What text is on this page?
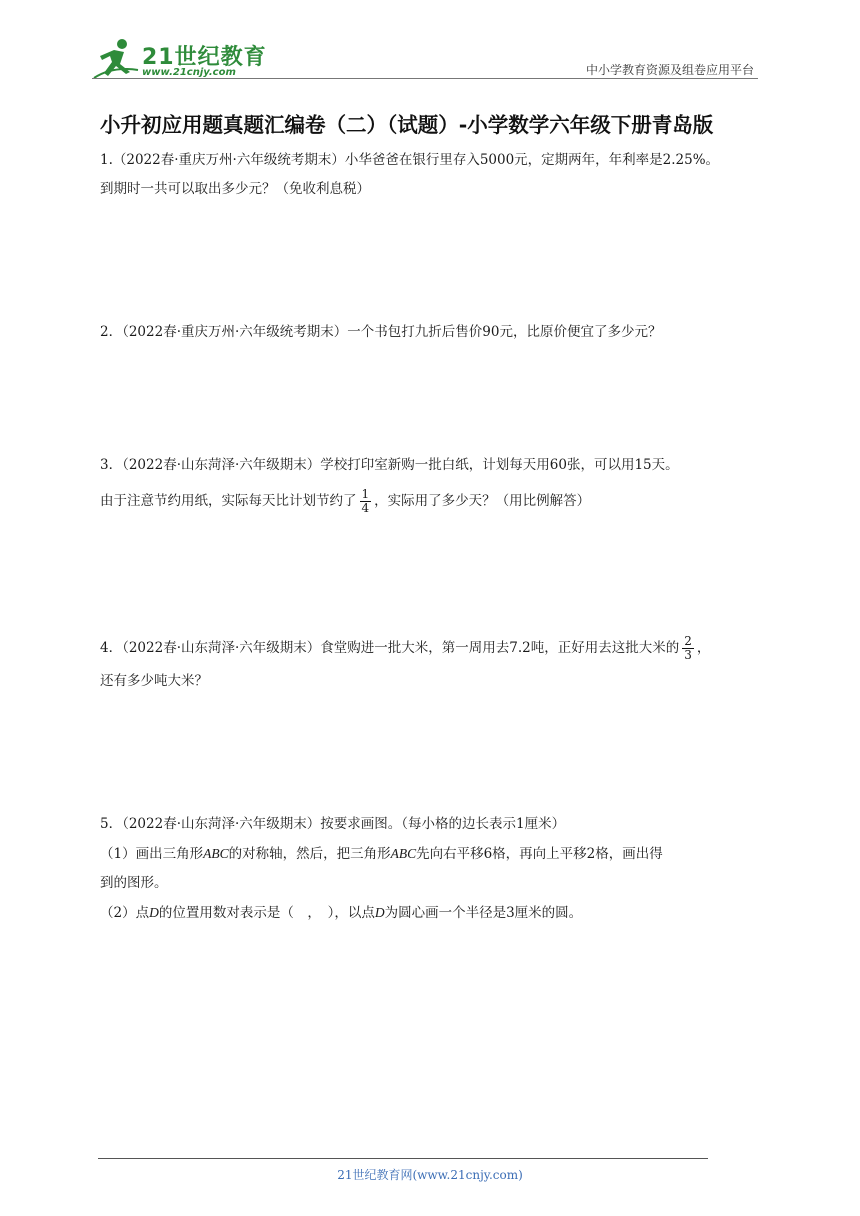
21世纪教育
www.21cnjy.com	中小学教育资源及组卷应用平台
小升初应用题真题汇编卷（二）（试题）-小学数学六年级下册青岛版

1.（2022春·重庆万州·六年级统考期末）小华爸爸在银行里存入5000元，定期两年，年利率是2.25%。

到期时一共可以取出多少元？（免收利息税）

2．（2022春·重庆万州·六年级统考期末）一个书包打九折后售价90元，比原价便宜了多少元？

3．（2022春·山东菏泽·六年级期末）学校打印室新购一批白纸，计划每天用60张，可以用15天。

由于注意节约用纸，实际每天比计划节约了 $\frac{1}{4}$ ，实际用了多少天？（用比例解答）

4．（2022春·山东菏泽·六年级期末）食堂购进一批大米，第一周用去7.2吨，正好用去这批大米的 $\frac{2}{3}$ ，

还有多少吨大米？

5．（2022春·山东菏泽·六年级期末）按要求画图。（每小格的边长表示1厘米）

（1）画出三角形ABC的对称轴，然后，把三角形ABC先向右平移6格，再向上平移2格，画出得

到的图形。

（2）点D的位置用数对表示是（　，　），以点D为圆心画一个半径是3厘米的圆。

21世纪教育网(www.21cnjy.com)
